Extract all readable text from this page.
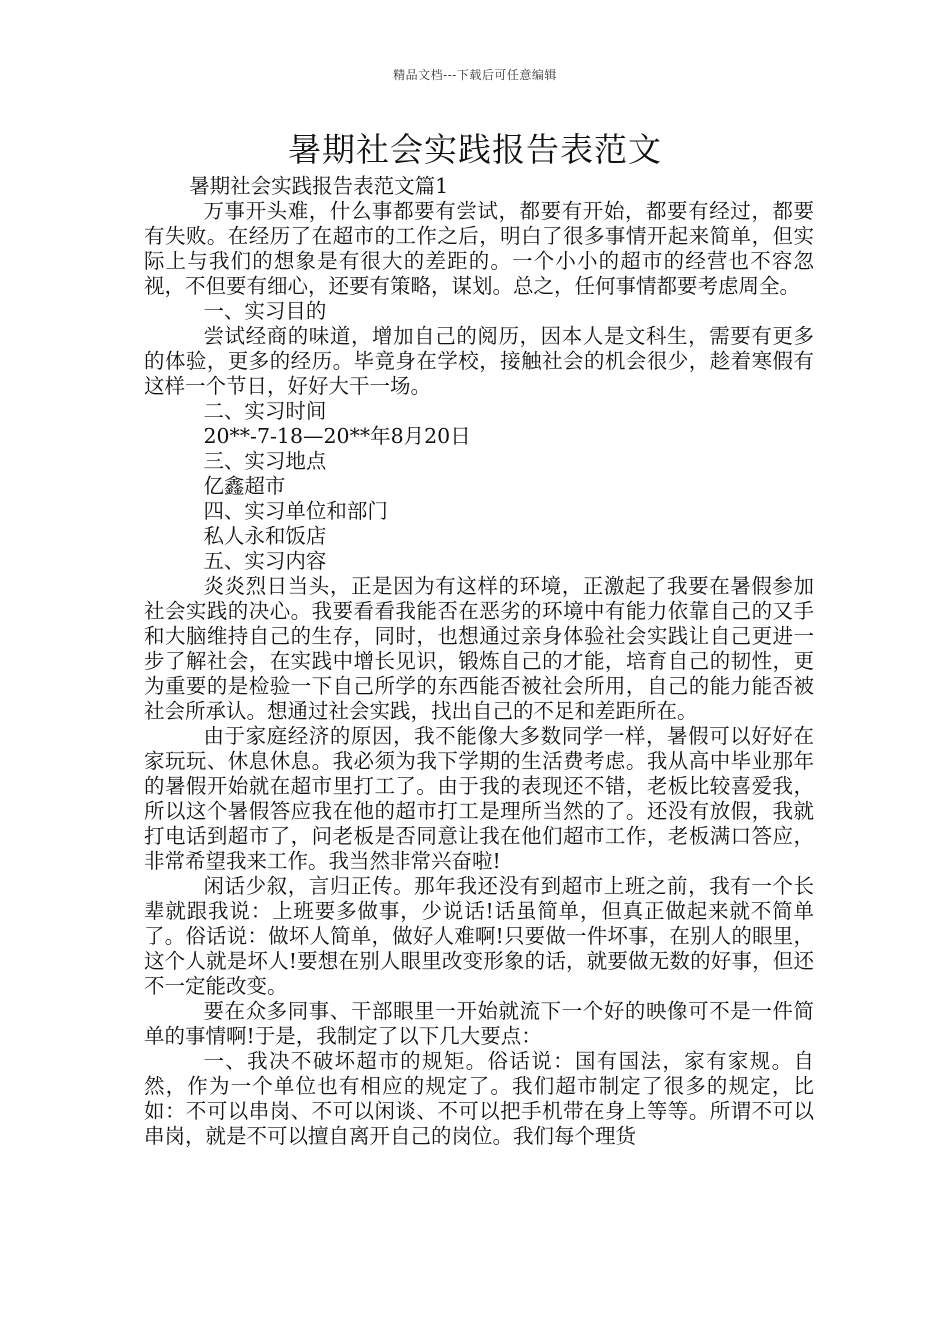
精品文档---下载后可任意编辑
暑期社会实践报告表范文

暑期社会实践报告表范文篇1

万事开头难，什么事都要有尝试，都要有开始，都要有经过，都要有失败。在经历了在超市的工作之后，明白了很多事情开起来简单，但实际上与我们的想象是有很大的差距的。一个小小的超市的经营也不容忽视，不但要有细心，还要有策略，谋划。总之，任何事情都要考虑周全。

一、实习目的

尝试经商的味道，增加自己的阅历，因本人是文科生，需要有更多的体验，更多的经历。毕竟身在学校，接触社会的机会很少，趁着寒假有这样一个节日，好好大干一场。

二、实习时间

20**-7-18—20**年8月20日

三、实习地点

亿鑫超市

四、实习单位和部门

私人永和饭店

五、实习内容

炎炎烈日当头，正是因为有这样的环境，正激起了我要在暑假参加社会实践的决心。我要看看我能否在恶劣的环境中有能力依靠自己的又手和大脑维持自己的生存，同时，也想通过亲身体验社会实践让自己更进一步了解社会，在实践中增长见识，锻炼自己的才能，培育自己的韧性，更为重要的是检验一下自己所学的东西能否被社会所用，自己的能力能否被社会所承认。想通过社会实践，找出自己的不足和差距所在。

由于家庭经济的原因，我不能像大多数同学一样，暑假可以好好在家玩玩、休息休息。我必须为我下学期的生活费考虑。我从高中毕业那年的暑假开始就在超市里打工了。由于我的表现还不错，老板比较喜爱我，所以这个暑假答应我在他的超市打工是理所当然的了。还没有放假，我就打电话到超市了，问老板是否同意让我在他们超市工作，老板满口答应，非常希望我来工作。我当然非常兴奋啦!

闲话少叙，言归正传。那年我还没有到超市上班之前，我有一个长辈就跟我说：上班要多做事，少说话!话虽简单，但真正做起来就不简单了。俗话说：做坏人简单，做好人难啊!只要做一件坏事，在别人的眼里，这个人就是坏人!要想在别人眼里改变形象的话，就要做无数的好事，但还不一定能改变。

要在众多同事、干部眼里一开始就流下一个好的映像可不是一件简单的事情啊!于是，我制定了以下几大要点：

一、我决不破坏超市的规矩。俗话说：国有国法，家有家规。自然，作为一个单位也有相应的规定了。我们超市制定了很多的规定，比如：不可以串岗、不可以闲谈、不可以把手机带在身上等等。所谓不可以串岗，就是不可以擅自离开自己的岗位。我们每个理货
